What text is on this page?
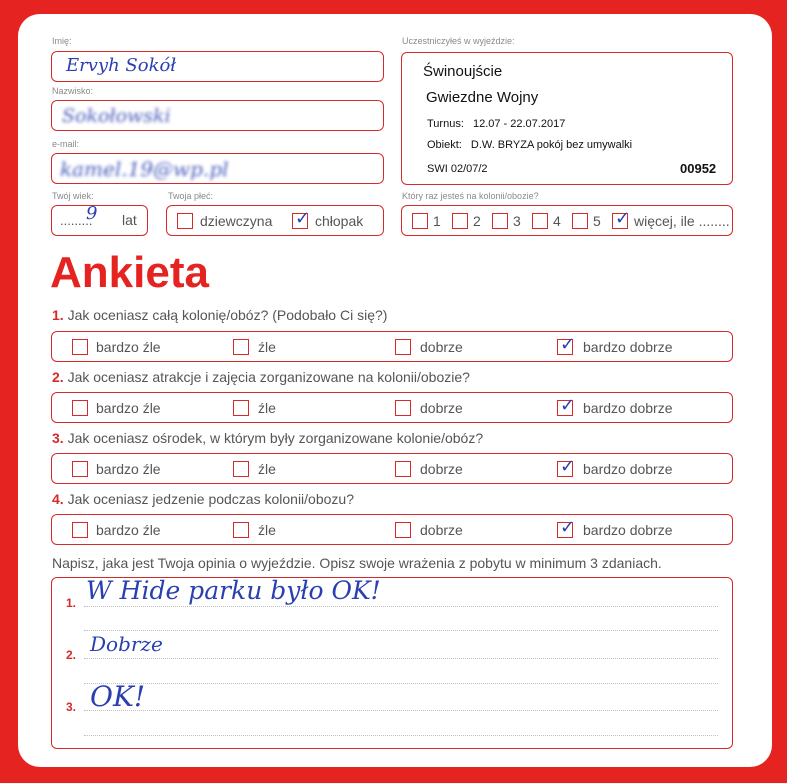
Imię:
Ervyh Sokół
Nazwisko:
Sokołowski
e-mail:
kamel.19@wp.pl
Twój wiek:
.........
9 lat
Twoja płeć:
dziewczyna ✓ chłopak
Uczestniczyłeś w wyjeździe:
Świnoujście
Gwiezdne Wojny
Turnus: 12.07 - 22.07.2017
Obiekt: D.W. BRYZA pokój bez umywalki
SWI 02/07/2	00952
Który raz jesteś na kolonii/obozie?
1 2 3 4 5 ✓ więcej, ile ........
Ankieta
1. Jak oceniasz całą kolonię/obóz? (Podobało Ci się?)
bardzo źle	źle	dobrze	✓ bardzo dobrze
2. Jak oceniasz atrakcje i zajęcia zorganizowane na kolonii/obozie?
bardzo źle	źle	dobrze	✓ bardzo dobrze
3. Jak oceniasz ośrodek, w którym były zorganizowane kolonie/obóz?
bardzo źle	źle	dobrze	✓ bardzo dobrze
4. Jak oceniasz jedzenie podczas kolonii/obozu?
bardzo źle	źle	dobrze	✓ bardzo dobrze
Napisz, jaka jest Twoja opinia o wyjeździe. Opisz swoje wrażenia z pobytu w minimum 3 zdaniach.
1. W Hide parku było OK!
2. Dobrze
3. OK!
